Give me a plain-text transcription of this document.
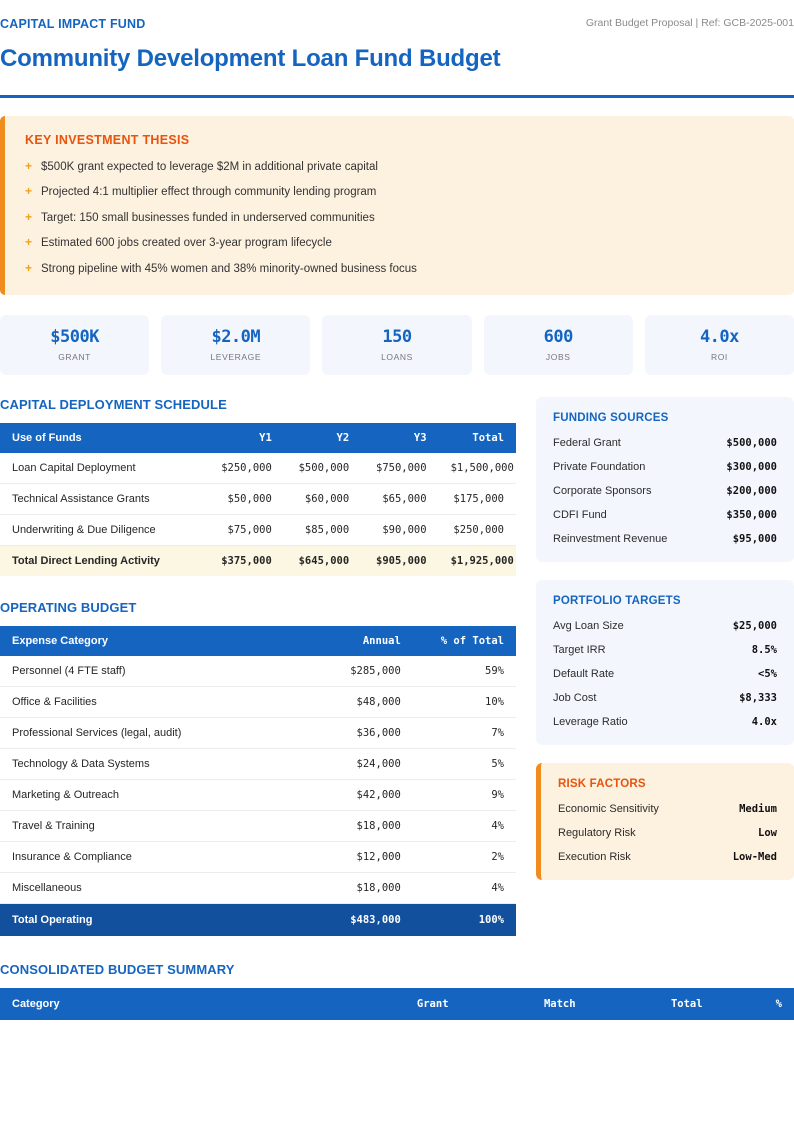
CAPITAL IMPACT FUND	Grant Budget Proposal | Ref: GCB-2025-001
Community Development Loan Fund Budget
KEY INVESTMENT THESIS
+ $500K grant expected to leverage $2M in additional private capital
+ Projected 4:1 multiplier effect through community lending program
+ Target: 150 small businesses funded in underserved communities
+ Estimated 600 jobs created over 3-year program lifecycle
+ Strong pipeline with 45% women and 38% minority-owned business focus
$500K
GRANT
$2.0M
LEVERAGE
150
LOANS
600
JOBS
4.0x
ROI
CAPITAL DEPLOYMENT SCHEDULE
Use of Funds	Y1	Y2	Y3	Total
Loan Capital Deployment	$250,000	$500,000	$750,000	$1,500,000
Technical Assistance Grants	$50,000	$60,000	$65,000	$175,000
Underwriting & Due Diligence	$75,000	$85,000	$90,000	$250,000
Total Direct Lending Activity	$375,000	$645,000	$905,000	$1,925,000
OPERATING BUDGET
Expense Category	Annual	% of Total
Personnel (4 FTE staff)	$285,000	59%
Office & Facilities	$48,000	10%
Professional Services (legal, audit)	$36,000	7%
Technology & Data Systems	$24,000	5%
Marketing & Outreach	$42,000	9%
Travel & Training	$18,000	4%
Insurance & Compliance	$12,000	2%
Miscellaneous	$18,000	4%
Total Operating	$483,000	100%
FUNDING SOURCES
Federal Grant	$500,000
Private Foundation	$300,000
Corporate Sponsors	$200,000
CDFI Fund	$350,000
Reinvestment Revenue	$95,000
PORTFOLIO TARGETS
Avg Loan Size	$25,000
Target IRR	8.5%
Default Rate	<5%
Job Cost	$8,333
Leverage Ratio	4.0x
RISK FACTORS
Economic Sensitivity	Medium
Regulatory Risk	Low
Execution Risk	Low-Med
CONSOLIDATED BUDGET SUMMARY
Category	Grant	Match	Total	%
